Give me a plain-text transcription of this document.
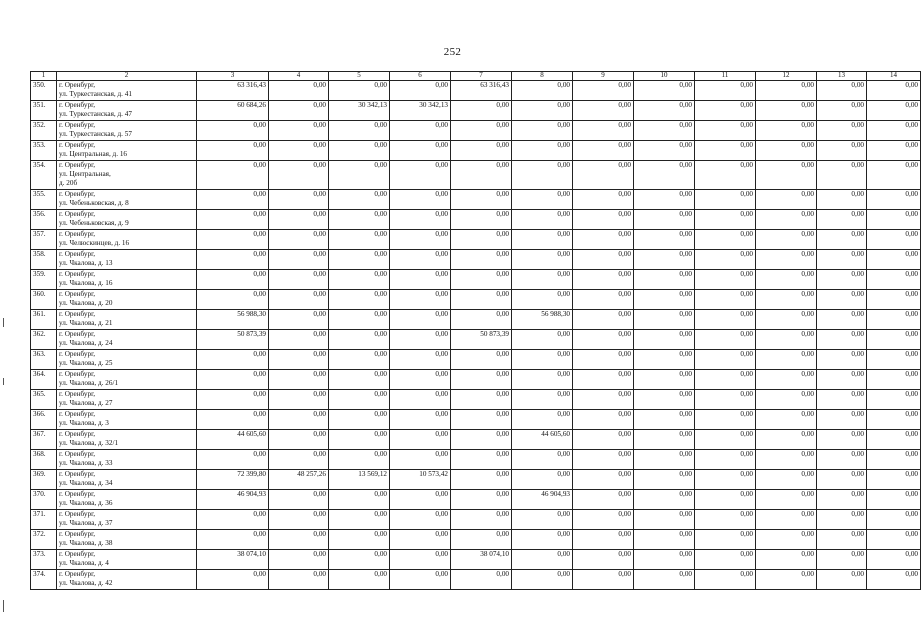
252
1	2	3	4	5	6	7	8	9	10	11	12	13	14
350.	г. Оренбург,
ул. Туркестанская, д. 41	63 316,43	0,00	0,00	0,00	63 316,43	0,00	0,00	0,00	0,00	0,00	0,00	0,00
351.	г. Оренбург,
ул. Туркестанская, д. 47	60 684,26	0,00	30 342,13	30 342,13	0,00	0,00	0,00	0,00	0,00	0,00	0,00	0,00
352.	г. Оренбург,
ул. Туркестанская, д. 57	0,00	0,00	0,00	0,00	0,00	0,00	0,00	0,00	0,00	0,00	0,00	0,00
353.	г. Оренбург,
ул. Центральная, д. 16	0,00	0,00	0,00	0,00	0,00	0,00	0,00	0,00	0,00	0,00	0,00	0,00
354.	г. Оренбург,
ул. Центральная,
д. 20б	0,00	0,00	0,00	0,00	0,00	0,00	0,00	0,00	0,00	0,00	0,00	0,00
355.	г. Оренбург,
ул. Чебеньковская, д. 8	0,00	0,00	0,00	0,00	0,00	0,00	0,00	0,00	0,00	0,00	0,00	0,00
356.	г. Оренбург,
ул. Чебеньковская, д. 9	0,00	0,00	0,00	0,00	0,00	0,00	0,00	0,00	0,00	0,00	0,00	0,00
357.	г. Оренбург,
ул. Челюскинцев, д. 16	0,00	0,00	0,00	0,00	0,00	0,00	0,00	0,00	0,00	0,00	0,00	0,00
358.	г. Оренбург,
ул. Чкалова, д. 13	0,00	0,00	0,00	0,00	0,00	0,00	0,00	0,00	0,00	0,00	0,00	0,00
359.	г. Оренбург,
ул. Чкалова, д. 16	0,00	0,00	0,00	0,00	0,00	0,00	0,00	0,00	0,00	0,00	0,00	0,00
360.	г. Оренбург,
ул. Чкалова, д. 20	0,00	0,00	0,00	0,00	0,00	0,00	0,00	0,00	0,00	0,00	0,00	0,00
361.	г. Оренбург,
ул. Чкалова, д. 21	56 988,30	0,00	0,00	0,00	0,00	56 988,30	0,00	0,00	0,00	0,00	0,00	0,00
362.	г. Оренбург,
ул. Чкалова, д. 24	50 873,39	0,00	0,00	0,00	50 873,39	0,00	0,00	0,00	0,00	0,00	0,00	0,00
363.	г. Оренбург,
ул. Чкалова, д. 25	0,00	0,00	0,00	0,00	0,00	0,00	0,00	0,00	0,00	0,00	0,00	0,00
364.	г. Оренбург,
ул. Чкалова, д. 26/1	0,00	0,00	0,00	0,00	0,00	0,00	0,00	0,00	0,00	0,00	0,00	0,00
365.	г. Оренбург,
ул. Чкалова, д. 27	0,00	0,00	0,00	0,00	0,00	0,00	0,00	0,00	0,00	0,00	0,00	0,00
366.	г. Оренбург,
ул. Чкалова, д. 3	0,00	0,00	0,00	0,00	0,00	0,00	0,00	0,00	0,00	0,00	0,00	0,00
367.	г. Оренбург,
ул. Чкалова, д. 32/1	44 605,60	0,00	0,00	0,00	0,00	44 605,60	0,00	0,00	0,00	0,00	0,00	0,00
368.	г. Оренбург,
ул. Чкалова, д. 33	0,00	0,00	0,00	0,00	0,00	0,00	0,00	0,00	0,00	0,00	0,00	0,00
369.	г. Оренбург,
ул. Чкалова, д. 34	72 399,80	48 257,26	13 569,12	10 573,42	0,00	0,00	0,00	0,00	0,00	0,00	0,00	0,00
370.	г. Оренбург,
ул. Чкалова, д. 36	46 904,93	0,00	0,00	0,00	0,00	46 904,93	0,00	0,00	0,00	0,00	0,00	0,00
371.	г. Оренбург,
ул. Чкалова, д. 37	0,00	0,00	0,00	0,00	0,00	0,00	0,00	0,00	0,00	0,00	0,00	0,00
372.	г. Оренбург,
ул. Чкалова, д. 38	0,00	0,00	0,00	0,00	0,00	0,00	0,00	0,00	0,00	0,00	0,00	0,00
373.	г. Оренбург,
ул. Чкалова, д. 4	38 074,10	0,00	0,00	0,00	38 074,10	0,00	0,00	0,00	0,00	0,00	0,00	0,00
374.	г. Оренбург,
ул. Чкалова, д. 42	0,00	0,00	0,00	0,00	0,00	0,00	0,00	0,00	0,00	0,00	0,00	0,00
